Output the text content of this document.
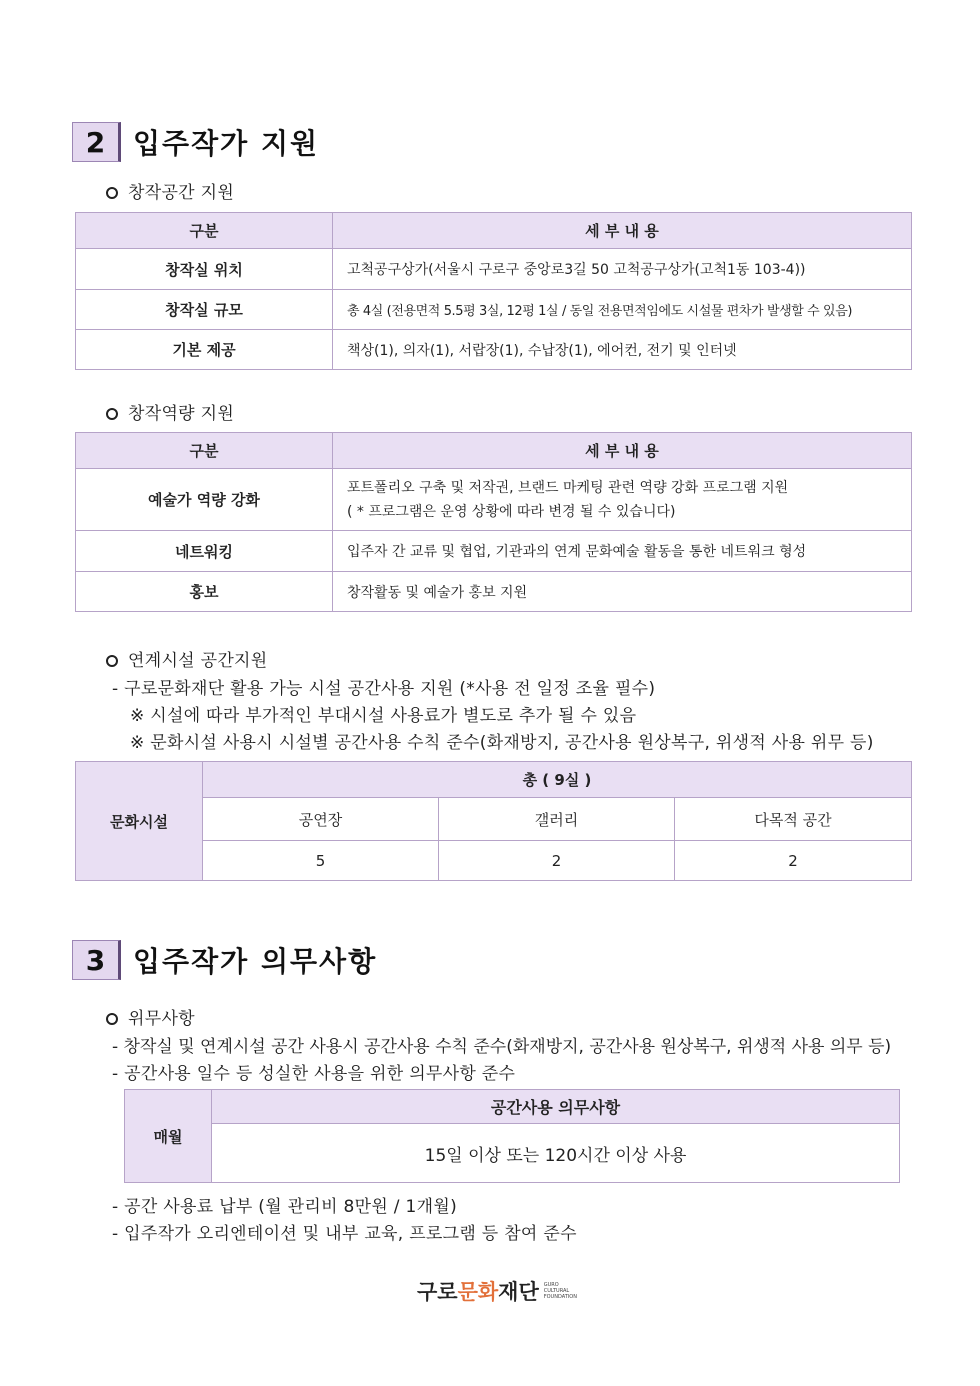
2 입주작가 지원
창작공간 지원
구분	세 부 내 용
창작실 위치	고척공구상가(서울시 구로구 중앙로3길 50 고척공구상가(고척1동 103-4))
창작실 규모	총 4실 (전용면적 5.5평 3실, 12평 1실 / 동일 전용면적임에도 시설물 편차가 발생할 수 있음)
기본 제공	책상(1), 의자(1), 서랍장(1), 수납장(1), 에어컨, 전기 및 인터넷
창작역량 지원
구분	세 부 내 용
예술가 역량 강화	포트폴리오 구축 및 저작권, 브랜드 마케팅 관련 역량 강화 프로그램 지원
( * 프로그램은 운영 상황에 따라 변경 될 수 있습니다)

네트워킹	입주자 간 교류 및 협업, 기관과의 연계 문화예술 활동을 통한 네트워크 형성
홍보	창작활동 및 예술가 홍보 지원
연계시설 공간지원
- 구로문화재단 활용 가능 시설 공간사용 지원 (*사용 전 일정 조율 필수)
※ 시설에 따라 부가적인 부대시설 사용료가 별도로 추가 될 수 있음
※ 문화시설 사용시 시설별 공간사용 수칙 준수(화재방지, 공간사용 원상복구, 위생적 사용 위무 등)
문화시설	총 ( 9실 )		
	공연장	갤러리	다목적 공간
	5	2	2
3 입주작가 의무사항
위무사항
- 창작실 및 연계시설 공간 사용시 공간사용 수칙 준수(화재방지, 공간사용 원상복구, 위생적 사용 의무 등)
- 공간사용 일수 등 성실한 사용을 위한 의무사항 준수
매월	공간사용 의무사항
15일 이상 또는 120시간 이상 사용
- 공간 사용료 납부 (월 관리비 8만원 / 1개월)
- 입주작가 오리엔테이션 및 내부 교육, 프로그램 등 참여 준수
구로문화재단 GURO
CULTURAL
FOUNDATION
